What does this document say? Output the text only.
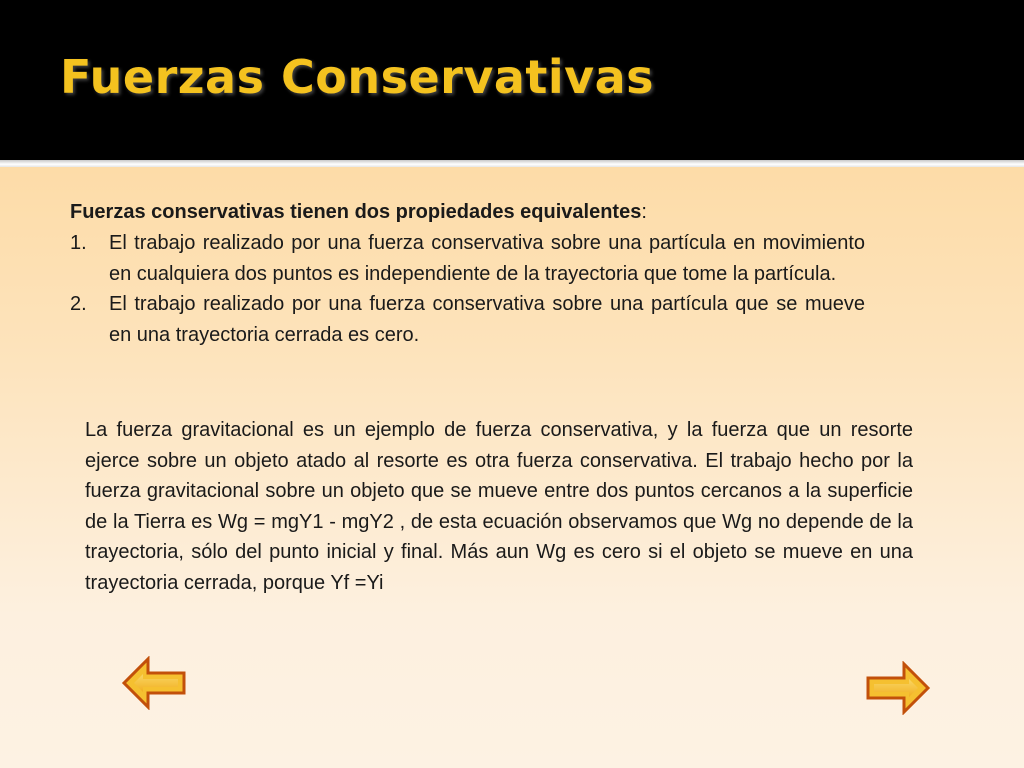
Fuerzas Conservativas
Fuerzas conservativas tienen dos propiedades equivalentes:
1. El trabajo realizado por una fuerza conservativa sobre una partícula en movimiento en cualquiera dos puntos es independiente de la trayectoria que tome la partícula.
2. El trabajo realizado por una fuerza conservativa sobre una partícula que se mueve en una trayectoria cerrada es cero.

La fuerza gravitacional es un ejemplo de fuerza conservativa, y la fuerza que un resorte ejerce sobre un objeto atado al resorte es otra fuerza conservativa. El trabajo hecho por la fuerza gravitacional sobre un objeto que se mueve entre dos puntos cercanos a la superficie de la Tierra es Wg = mgY1 - mgY2 , de esta ecuación observamos que Wg no depende de la trayectoria, sólo del punto inicial y final. Más aun Wg es cero si el objeto se mueve en una trayectoria cerrada, porque Yf =Yi
